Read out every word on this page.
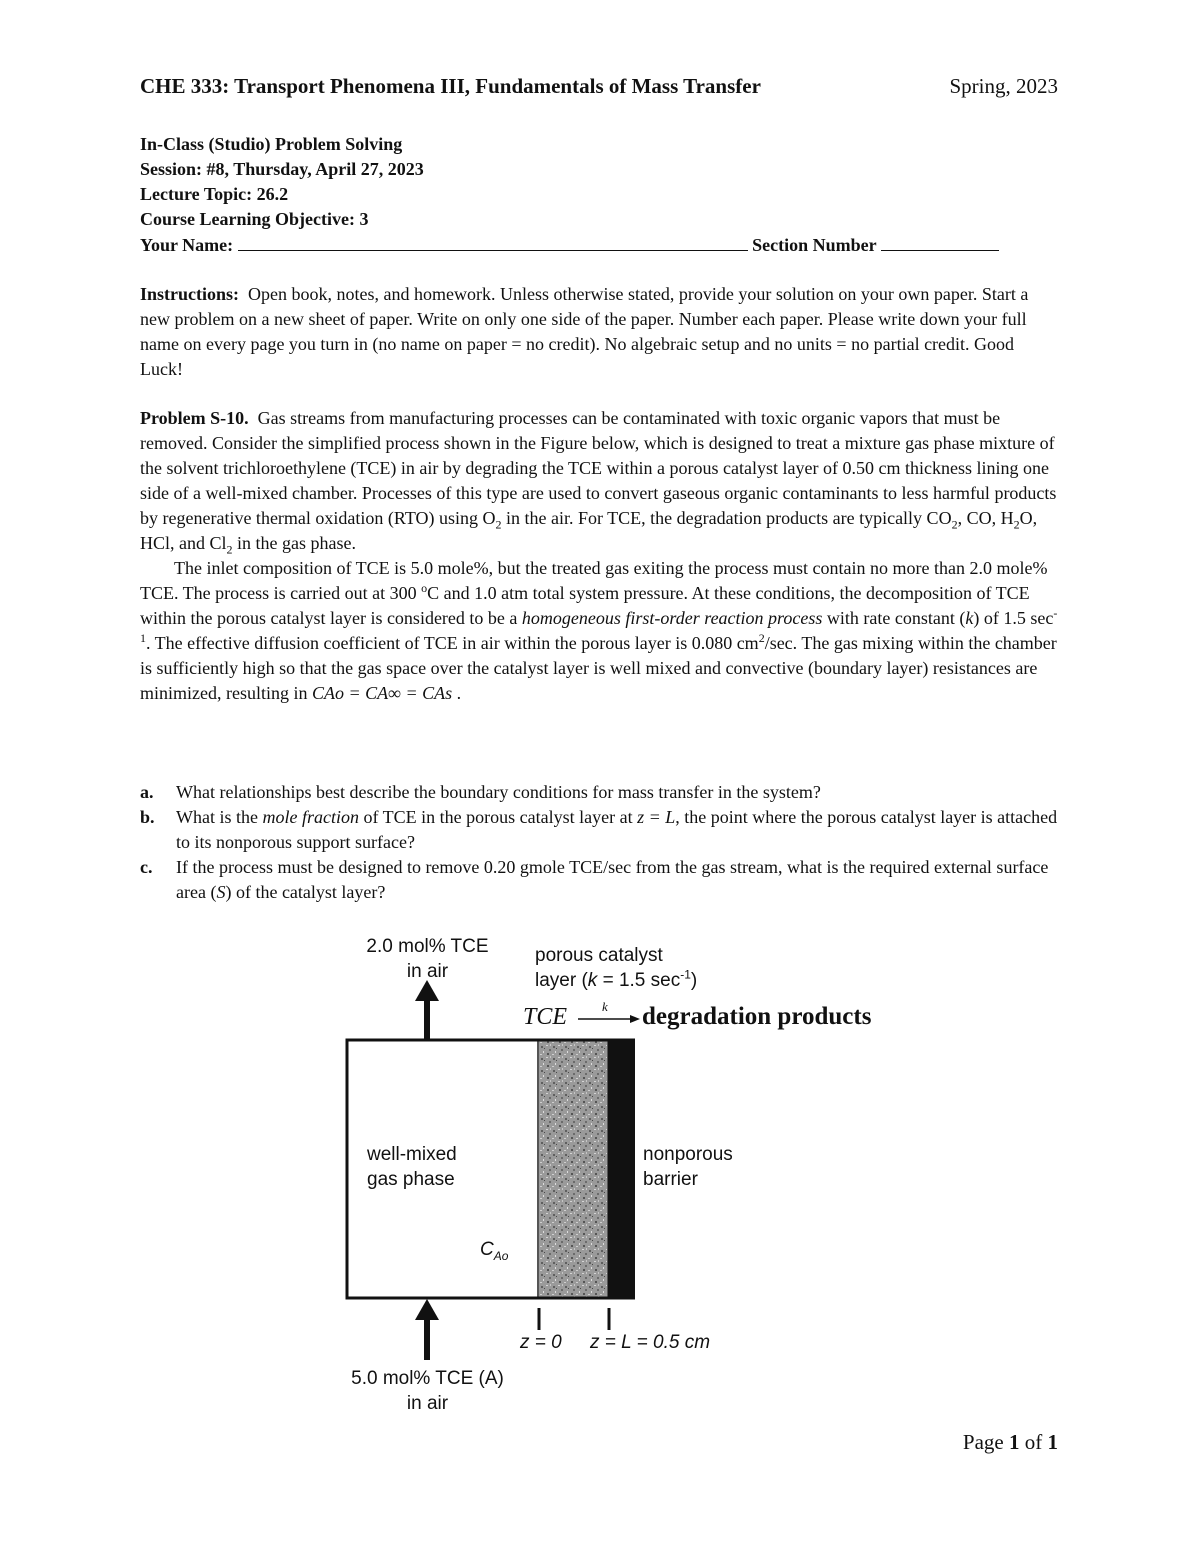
CHE 333: Transport Phenomena III, Fundamentals of Mass Transfer	Spring, 2023
In-Class (Studio) Problem Solving
Session: #8, Thursday, April 27, 2023
Lecture Topic: 26.2
Course Learning Objective: 3
Your Name:	Section Number

Instructions: Open book, notes, and homework. Unless otherwise stated, provide your solution on your own paper. Start a new problem on a new sheet of paper. Write on only one side of the paper. Number each paper. Please write down your full name on every page you turn in (no name on paper = no credit). No algebraic setup and no units = no partial credit. Good Luck!

Problem S-10. Gas streams from manufacturing processes can be contaminated with toxic organic vapors that must be removed. Consider the simplified process shown in the Figure below, which is designed to treat a mixture gas phase mixture of the solvent trichloroethylene (TCE) in air by degrading the TCE within a porous catalyst layer of 0.50 cm thickness lining one side of a well-mixed chamber. Processes of this type are used to convert gaseous organic contaminants to less harmful products by regenerative thermal oxidation (RTO) using $O_2$ in the air. For TCE, the degradation products are typically $CO_2$, CO, $H_2O$, HCl, and $Cl_2$ in the gas phase.

The inlet composition of TCE is 5.0 mole%, but the treated gas exiting the process must contain no more than 2.0 mole% TCE. The process is carried out at 300 $^o$C and 1.0 atm total system pressure. At these conditions, the decomposition of TCE within the porous catalyst layer is considered to be a homogeneous first-order reaction process with rate constant (k) of 1.5 $\sec^{-1}$. The effective diffusion coefficient of TCE in air within the porous layer is 0.080 $cm^2/\sec$. The gas mixing within the chamber is sufficiently high so that the gas space over the catalyst layer is well mixed and convective (boundary layer) resistances are minimized, resulting in CAo = CA∞ = CAs .

a. What relationships best describe the boundary conditions for mass transfer in the system?
b. What is the mole fraction of TCE in the porous catalyst layer at z = L, the point where the porous catalyst layer is attached to its nonporous support surface?
c. If the process must be designed to remove 0.20 gmole TCE/sec from the gas stream, what is the required external surface area (S) of the catalyst layer?
2.0 mol% TCE
in air
porous catalyst
layer (k = 1.5 $\sec^{-1}$)
TCE	k degradation products
well-mixed
gas phase
nonporous
barrier
$C_{Ao}$
z = 0 z = L = 0.5 cm
5.0 mol% TCE (A)
in air
Page 1 of 1
